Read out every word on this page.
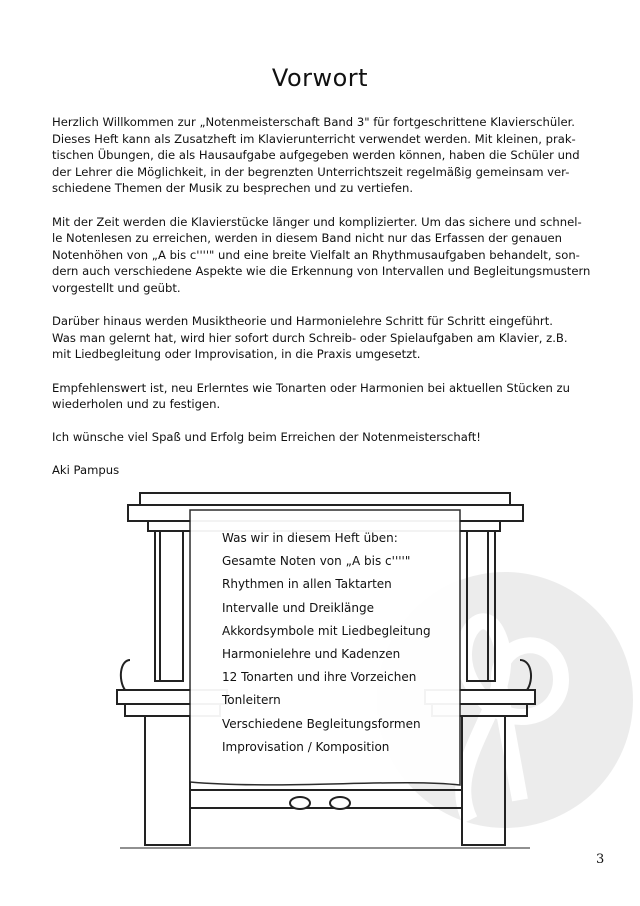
Vorwort

Herzlich Willkommen zur „Notenmeisterschaft Band 3" für fortgeschrittene Klavierschüler.
Dieses Heft kann als Zusatzheft im Klavierunterricht verwendet werden. Mit kleinen, prak-
tischen Übungen, die als Hausaufgabe aufgegeben werden können, haben die Schüler und
der Lehrer die Möglichkeit, in der begrenzten Unterrichtszeit regelmäßig gemeinsam ver-
schiedene Themen der Musik zu besprechen und zu vertiefen.

Mit der Zeit werden die Klavierstücke länger und komplizierter. Um das sichere und schnel-
le Notenlesen zu erreichen, werden in diesem Band nicht nur das Erfassen der genauen
Notenhöhen von „A bis c''''" und eine breite Vielfalt an Rhythmusaufgaben behandelt, son-
dern auch verschiedene Aspekte wie die Erkennung von Intervallen und Begleitungsmustern
vorgestellt und geübt.

Darüber hinaus werden Musiktheorie und Harmonielehre Schritt für Schritt eingeführt.
Was man gelernt hat, wird hier sofort durch Schreib- oder Spielaufgaben am Klavier, z.B.
mit Liedbegleitung oder Improvisation, in die Praxis umgesetzt.

Empfehlenswert ist, neu Erlerntes wie Tonarten oder Harmonien bei aktuellen Stücken zu
wiederholen und zu festigen.

Ich wünsche viel Spaß und Erfolg beim Erreichen der Notenmeisterschaft!

Aki Pampus

Was wir in diesem Heft üben:
Gesamte Noten von „A bis c''''"
Rhythmen in allen Taktarten
Intervalle und Dreiklänge
Akkordsymbole mit Liedbegleitung
Harmonielehre und Kadenzen
12 Tonarten und ihre Vorzeichen
Tonleitern
Verschiedene Begleitungsformen
Improvisation / Komposition
3
